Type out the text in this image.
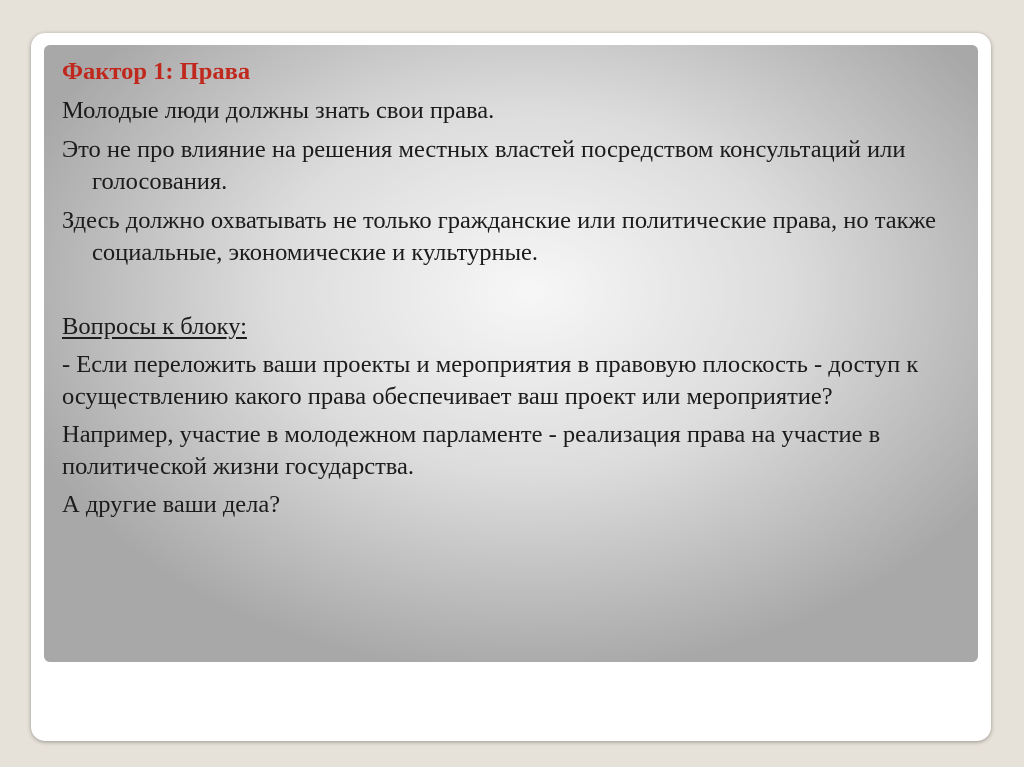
Фактор 1: Права

Молодые люди должны знать свои права.

Это не про влияние на решения местных властей посредством консультаций или голосования.

Здесь должно охватывать не только гражданские или политические права, но также социальные, экономические и культурные.

Вопросы к блоку:

- Если переложить ваши проекты и мероприятия в правовую плоскость - доступ к осуществлению какого права обеспечивает ваш проект или мероприятие?

Например, участие в молодежном парламенте - реализация права на участие в политической жизни государства.

А другие ваши дела?
